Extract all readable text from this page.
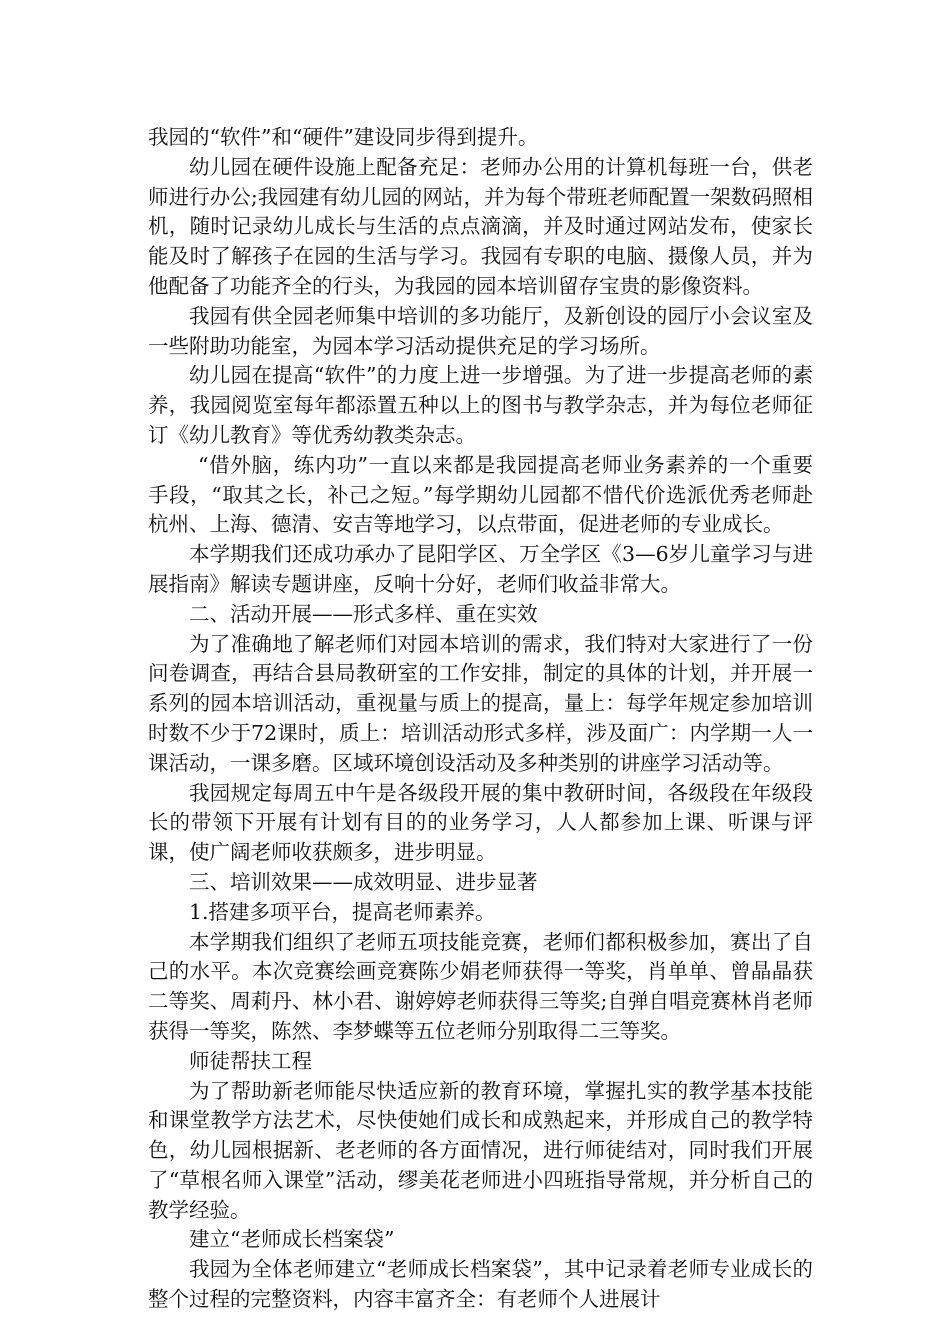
我园的“软件”和“硬件”建设同步得到提升。

幼儿园在硬件设施上配备充足：老师办公用的计算机每班一台，供老师进行办公;我园建有幼儿园的网站，并为每个带班老师配置一架数码照相机，随时记录幼儿成长与生活的点点滴滴，并及时通过网站发布，使家长能及时了解孩子在园的生活与学习。我园有专职的电脑、摄像人员，并为他配备了功能齐全的行头，为我园的园本培训留存宝贵的影像资料。

我园有供全园老师集中培训的多功能厅，及新创设的园厅小会议室及一些附助功能室，为园本学习活动提供充足的学习场所。

幼儿园在提高“软件”的力度上进一步增强。为了进一步提高老师的素养，我园阅览室每年都添置五种以上的图书与教学杂志，并为每位老师征订《幼儿教育》等优秀幼教类杂志。

“借外脑，练内功”一直以来都是我园提高老师业务素养的一个重要手段，“取其之长，补己之短。”每学期幼儿园都不惜代价选派优秀老师赴杭州、上海、德清、安吉等地学习，以点带面，促进老师的专业成长。

本学期我们还成功承办了昆阳学区、万全学区《3—6岁儿童学习与进展指南》解读专题讲座，反响十分好，老师们收益非常大。

二、活动开展——形式多样、重在实效

为了准确地了解老师们对园本培训的需求，我们特对大家进行了一份问卷调查，再结合县局教研室的工作安排，制定的具体的计划，并开展一系列的园本培训活动，重视量与质上的提高，量上：每学年规定参加培训时数不少于72课时，质上：培训活动形式多样，涉及面广：内学期一人一课活动，一课多磨。区域环境创设活动及多种类别的讲座学习活动等。

我园规定每周五中午是各级段开展的集中教研时间，各级段在年级段长的带领下开展有计划有目的的业务学习，人人都参加上课、听课与评课，使广阔老师收获颇多，进步明显。

三、培训效果——成效明显、进步显著

1.搭建多项平台，提高老师素养。

本学期我们组织了老师五项技能竞赛，老师们都积极参加，赛出了自己的水平。本次竞赛绘画竞赛陈少娟老师获得一等奖，肖单单、曾晶晶获二等奖、周莉丹、林小君、谢婷婷老师获得三等奖;自弹自唱竞赛林肖老师获得一等奖，陈然、李梦蝶等五位老师分别取得二三等奖。

师徒帮扶工程

为了帮助新老师能尽快适应新的教育环境，掌握扎实的教学基本技能和课堂教学方法艺术，尽快使她们成长和成熟起来，并形成自己的教学特色，幼儿园根据新、老老师的各方面情况，进行师徒结对，同时我们开展了“草根名师入课堂”活动，缪美花老师进小四班指导常规，并分析自己的教学经验。

建立“老师成长档案袋”

我园为全体老师建立“老师成长档案袋”，其中记录着老师专业成长的整个过程的完整资料，内容丰富齐全：有老师个人进展计
